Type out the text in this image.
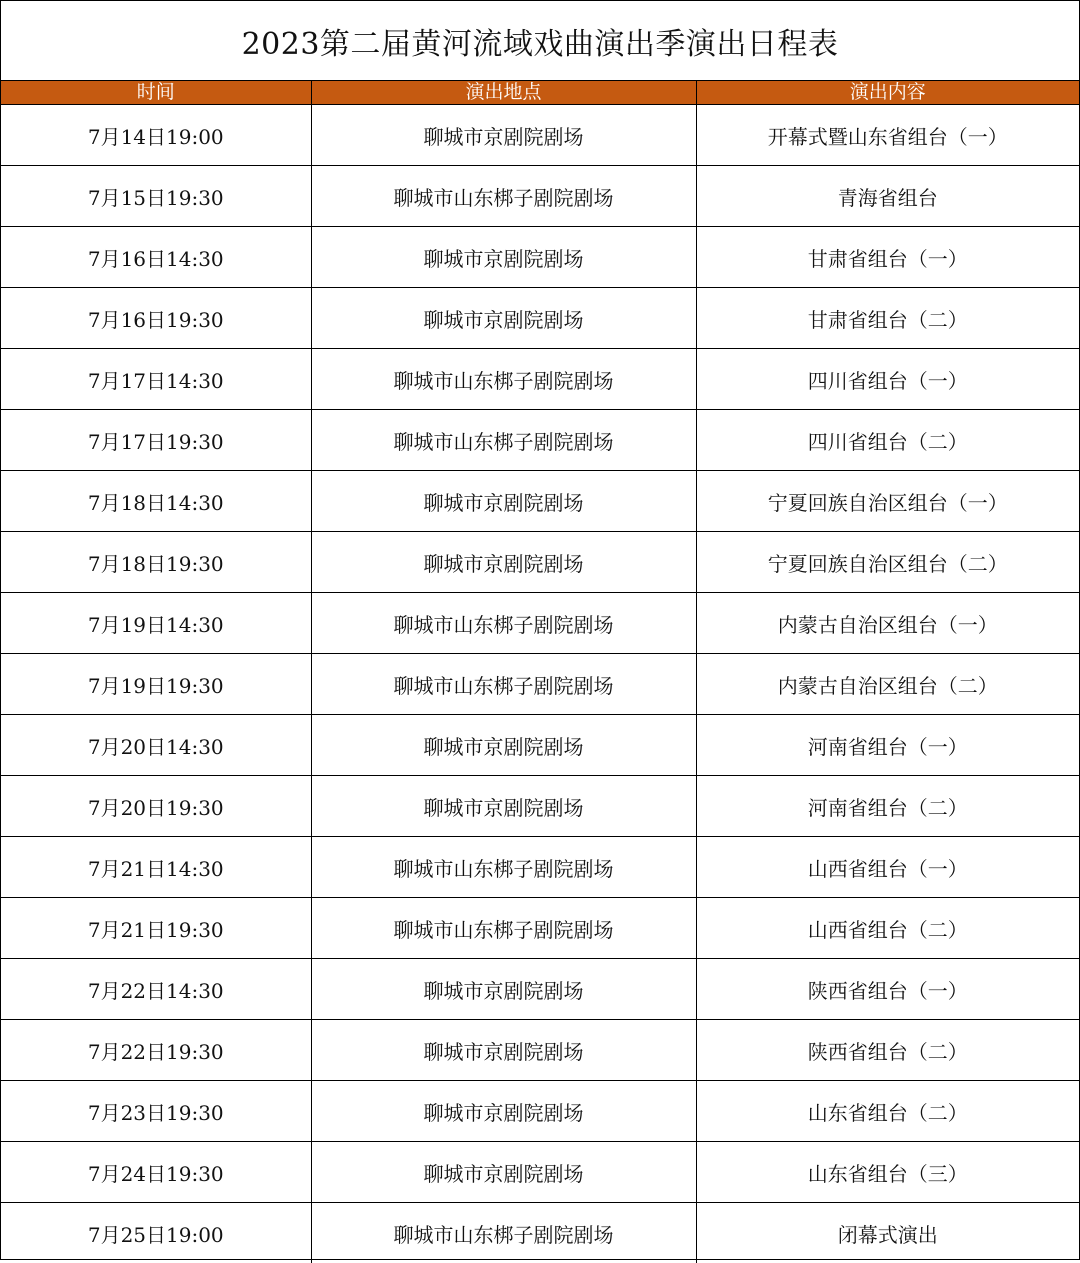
2023第二届黄河流域戏曲演出季演出日程表
时间	演出地点	演出内容
7月14日19:00	聊城市京剧院剧场	开幕式暨山东省组台（一）
7月15日19:30	聊城市山东梆子剧院剧场	青海省组台
7月16日14:30	聊城市京剧院剧场	甘肃省组台（一）
7月16日19:30	聊城市京剧院剧场	甘肃省组台（二）
7月17日14:30	聊城市山东梆子剧院剧场	四川省组台（一）
7月17日19:30	聊城市山东梆子剧院剧场	四川省组台（二）
7月18日14:30	聊城市京剧院剧场	宁夏回族自治区组台（一）
7月18日19:30	聊城市京剧院剧场	宁夏回族自治区组台（二）
7月19日14:30	聊城市山东梆子剧院剧场	内蒙古自治区组台（一）
7月19日19:30	聊城市山东梆子剧院剧场	内蒙古自治区组台（二）
7月20日14:30	聊城市京剧院剧场	河南省组台（一）
7月20日19:30	聊城市京剧院剧场	河南省组台（二）
7月21日14:30	聊城市山东梆子剧院剧场	山西省组台（一）
7月21日19:30	聊城市山东梆子剧院剧场	山西省组台（二）
7月22日14:30	聊城市京剧院剧场	陕西省组台（一）
7月22日19:30	聊城市京剧院剧场	陕西省组台（二）
7月23日19:30	聊城市京剧院剧场	山东省组台（二）
7月24日19:30	聊城市京剧院剧场	山东省组台（三）
7月25日19:00	聊城市山东梆子剧院剧场	闭幕式演出
